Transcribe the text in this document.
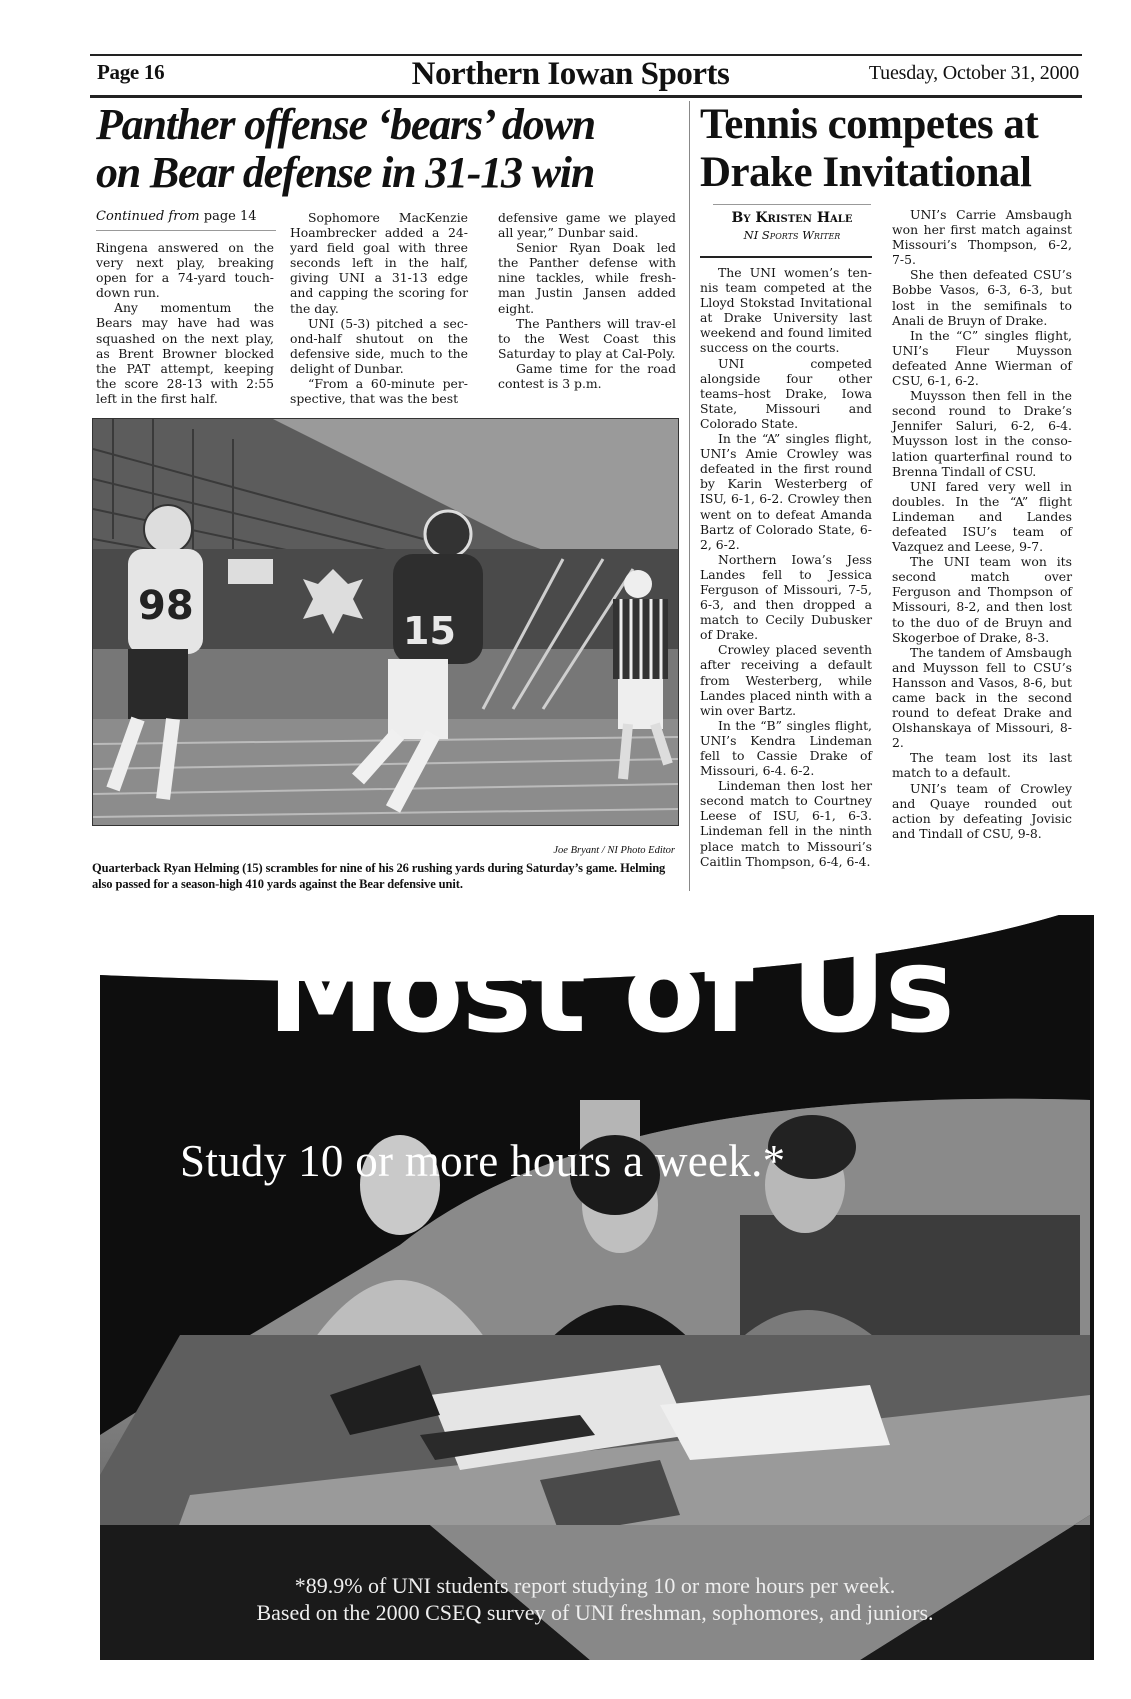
Page 16	Northern Iowan Sports	Tuesday, October 31, 2000
Panther offense ‘bears’ down
on Bear defense in 31-13 win
Continued from page 14

Ringena answered on the very next play, breaking open for a 74-yard touch-down run.

Any momentum the Bears may have had was squashed on the next play, as Brent Browner blocked the PAT attempt, keeping the score 28-13 with 2:55 left in the first half.

Sophomore MacKenzie Hoambrecker added a 24-yard field goal with three seconds left in the half, giving UNI a 31-13 edge and capping the scoring for the day.

UNI (5-3) pitched a sec-ond-half shutout on the defensive side, much to the delight of Dunbar.

“From a 60-minute per-spective, that was the best

defensive game we played all year,” Dunbar said.

Senior Ryan Doak led the Panther defense with nine tackles, while fresh-man Justin Jansen added eight.

The Panthers will trav-el to the West Coast this Saturday to play at Cal-Poly.

Game time for the road contest is 3 p.m.

98
15
Joe Bryant / NI Photo Editor
Quarterback Ryan Helming (15) scrambles for nine of his 26 rushing yards during Saturday’s game. Helming also passed for a season-high 410 yards against the Bear defensive unit.
Tennis competes at
Drake Invitational
By Kristen Hale
NI Sports Writer

The UNI women’s ten-nis team competed at the Lloyd Stokstad Invitational at Drake University last weekend and found limited success on the courts.

UNI competed alongside four other teams–host Drake, Iowa State, Missouri and Colorado State.

In the “A” singles flight, UNI’s Amie Crowley was defeated in the first round by Karin Westerberg of ISU, 6-1, 6-2. Crowley then went on to defeat Amanda Bartz of Colorado State, 6-2, 6-2.

Northern Iowa’s Jess Landes fell to Jessica Ferguson of Missouri, 7-5, 6-3, and then dropped a match to Cecily Dubusker of Drake.

Crowley placed seventh after receiving a default from Westerberg, while Landes placed ninth with a win over Bartz.

In the “B” singles flight, UNI’s Kendra Lindeman fell to Cassie Drake of Missouri, 6-4. 6-2.

Lindeman then lost her second match to Courtney Leese of ISU, 6-1, 6-3. Lindeman fell in the ninth place match to Missouri’s Caitlin Thompson, 6-4, 6-4.

UNI’s Carrie Amsbaugh won her first match against Missouri’s Thompson, 6-2, 7-5.

She then defeated CSU’s Bobbe Vasos, 6-3, 6-3, but lost in the semifinals to Anali de Bruyn of Drake.

In the “C” singles flight, UNI’s Fleur Muysson defeated Anne Wierman of CSU, 6-1, 6-2.

Muysson then fell in the second round to Drake’s Jennifer Saluri, 6-2, 6-4. Muysson lost in the conso-lation quarterfinal round to Brenna Tindall of CSU.

UNI fared very well in doubles. In the “A” flight Lindeman and Landes defeated ISU’s team of Vazquez and Leese, 9-7.

The UNI team won its second match over Ferguson and Thompson of Missouri, 8-2, and then lost to the duo of de Bruyn and Skogerboe of Drake, 8-3.

The tandem of Amsbaugh and Muysson fell to CSU’s Hansson and Vasos, 8-6, but came back in the second round to defeat Drake and Olshanskaya of Missouri, 8-2.

The team lost its last match to a default.

UNI’s team of Crowley and Quaye rounded out action by defeating Jovisic and Tindall of CSU, 9-8.

Most of Us
Study 10 or more hours a week.*
*89.9% of UNI students report studying 10 or more hours per week.
Based on the 2000 CSEQ survey of UNI freshman, sophomores, and juniors.
